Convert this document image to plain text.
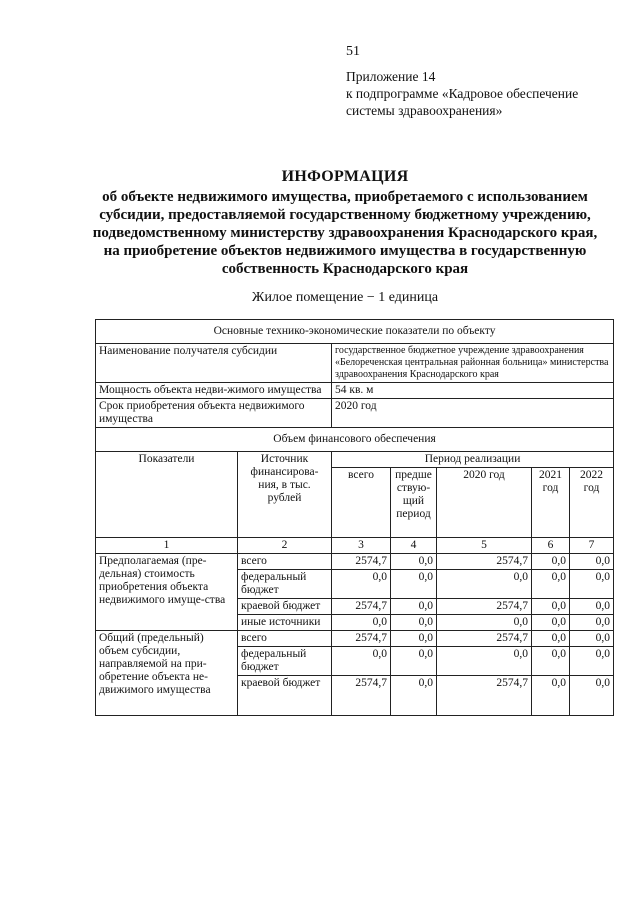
51
Приложение 14
к подпрограмме «Кадровое обеспечение
системы здравоохранения»
ИНФОРМАЦИЯ
об объекте недвижимого имущества, приобретаемого с использованием
субсидии, предоставляемой государственному бюджетному учреждению,
подведомственному министерству здравоохранения Краснодарского края,
на приобретение объектов недвижимого имущества в государственную
собственность Краснодарского края
Жилое помещение − 1 единица
Основные технико-экономические показатели по объекту						
Наименование получателя субсидии		государственное бюджетное учреждение здравоохранения «Белореченская центральная районная больница» министерства здравоохранения Краснодарского края				
Мощность объекта недви-жимого имущества		54 кв. м				
Срок приобретения объекта недвижимого имущества		2020 год				
Объем финансового обеспечения						
Показатели	Источник финансирова-ния, в тыс. рублей	Период реализации				
		всего	предше ствую-щий период	2020 год	2021 год	2022 год
1	2	3	4	5	6	7
Предполагаемая (пре-дельная) стоимость приобретения объекта недвижимого имуще-ства	всего	2574,7	0,0	2574,7	0,0	0,0
	федеральный бюджет	0,0	0,0	0,0	0,0	0,0
	краевой бюджет	2574,7	0,0	2574,7	0,0	0,0
	иные источники	0,0	0,0	0,0	0,0	0,0
Общий (предельный) объем субсидии, направляемой на при-обретение объекта не-движимого имущества	всего	2574,7	0,0	2574,7	0,0	0,0
	федеральный бюджет	0,0	0,0	0,0	0,0	0,0
	краевой бюджет	2574,7	0,0	2574,7	0,0	0,0
